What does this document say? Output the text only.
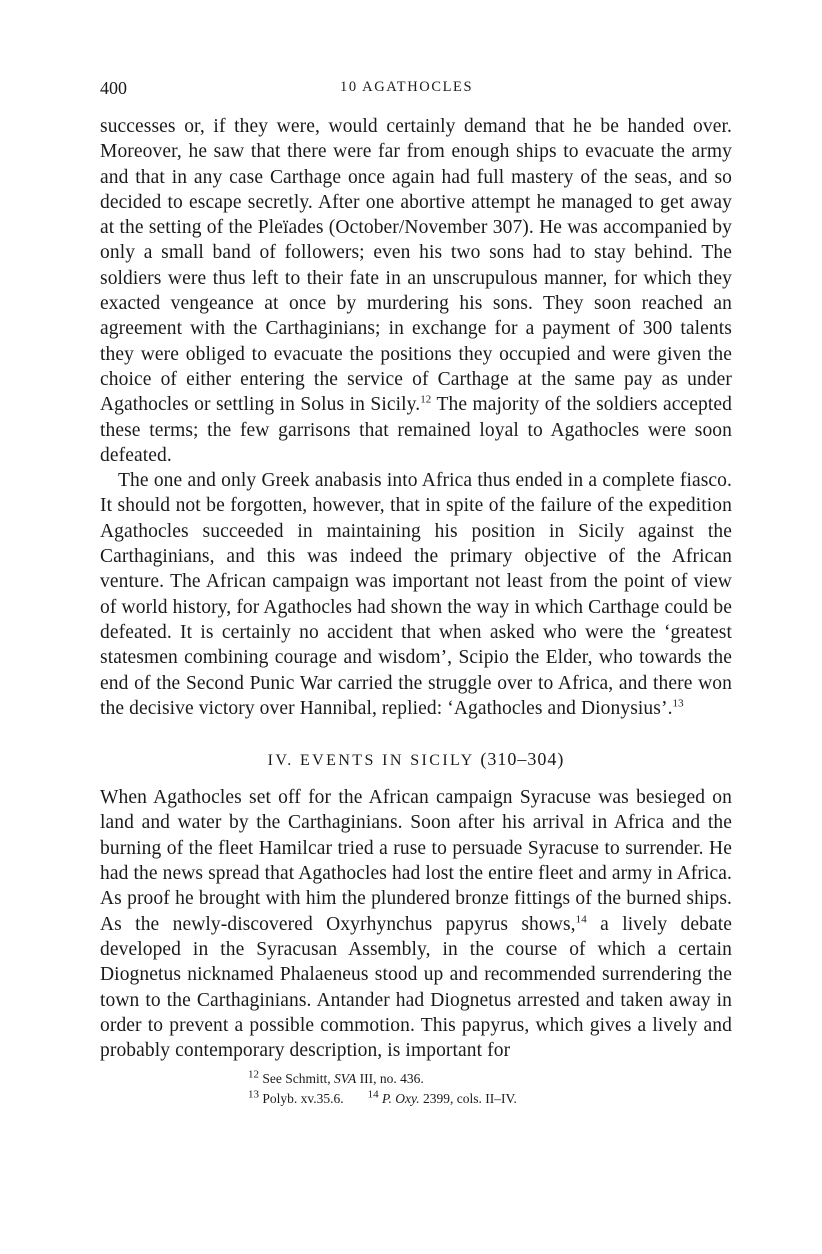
400	10 AGATHOCLES

successes or, if they were, would certainly demand that he be handed over. Moreover, he saw that there were far from enough ships to evacuate the army and that in any case Carthage once again had full mastery of the seas, and so decided to escape secretly. After one abortive attempt he managed to get away at the setting of the Pleïades (October/November 307). He was accompanied by only a small band of followers; even his two sons had to stay behind. The soldiers were thus left to their fate in an unscrupulous manner, for which they exacted vengeance at once by murdering his sons. They soon reached an agreement with the Carthaginians; in exchange for a payment of 300 talents they were obliged to evacuate the positions they occupied and were given the choice of either entering the service of Carthage at the same pay as under Agathocles or settling in Solus in Sicily.$^{12}$ The majority of the soldiers accepted these terms; the few garrisons that remained loyal to Agathocles were soon defeated.

The one and only Greek anabasis into Africa thus ended in a complete fiasco. It should not be forgotten, however, that in spite of the failure of the expedition Agathocles succeeded in maintaining his position in Sicily against the Carthaginians, and this was indeed the primary objective of the African venture. The African campaign was important not least from the point of view of world history, for Agathocles had shown the way in which Carthage could be defeated. It is certainly no accident that when asked who were the ‘greatest statesmen combining courage and wisdom’, Scipio the Elder, who towards the end of the Second Punic War carried the struggle over to Africa, and there won the decisive victory over Hannibal, replied: ‘Agathocles and Dionysius’.$^{13}$

IV. EVENTS IN SICILY (310–304)

When Agathocles set off for the African campaign Syracuse was besieged on land and water by the Carthaginians. Soon after his arrival in Africa and the burning of the fleet Hamilcar tried a ruse to persuade Syracuse to surrender. He had the news spread that Agathocles had lost the entire fleet and army in Africa. As proof he brought with him the plundered bronze fittings of the burned ships. As the newly-discovered Oxyrhynchus papyrus shows,$^{14}$ a lively debate developed in the Syracusan Assembly, in the course of which a certain Diognetus nicknamed Phalaeneus stood up and recommended surrendering the town to the Carthaginians. Antander had Diognetus arrested and taken away in order to prevent a possible commotion. This papyrus, which gives a lively and probably contemporary description, is important for

$^{12}$ See Schmitt, SVA III, no. 436.
$^{13}$ Polyb. xv.35.6. $^{14}$ P. Oxy. 2399, cols. II–IV.
